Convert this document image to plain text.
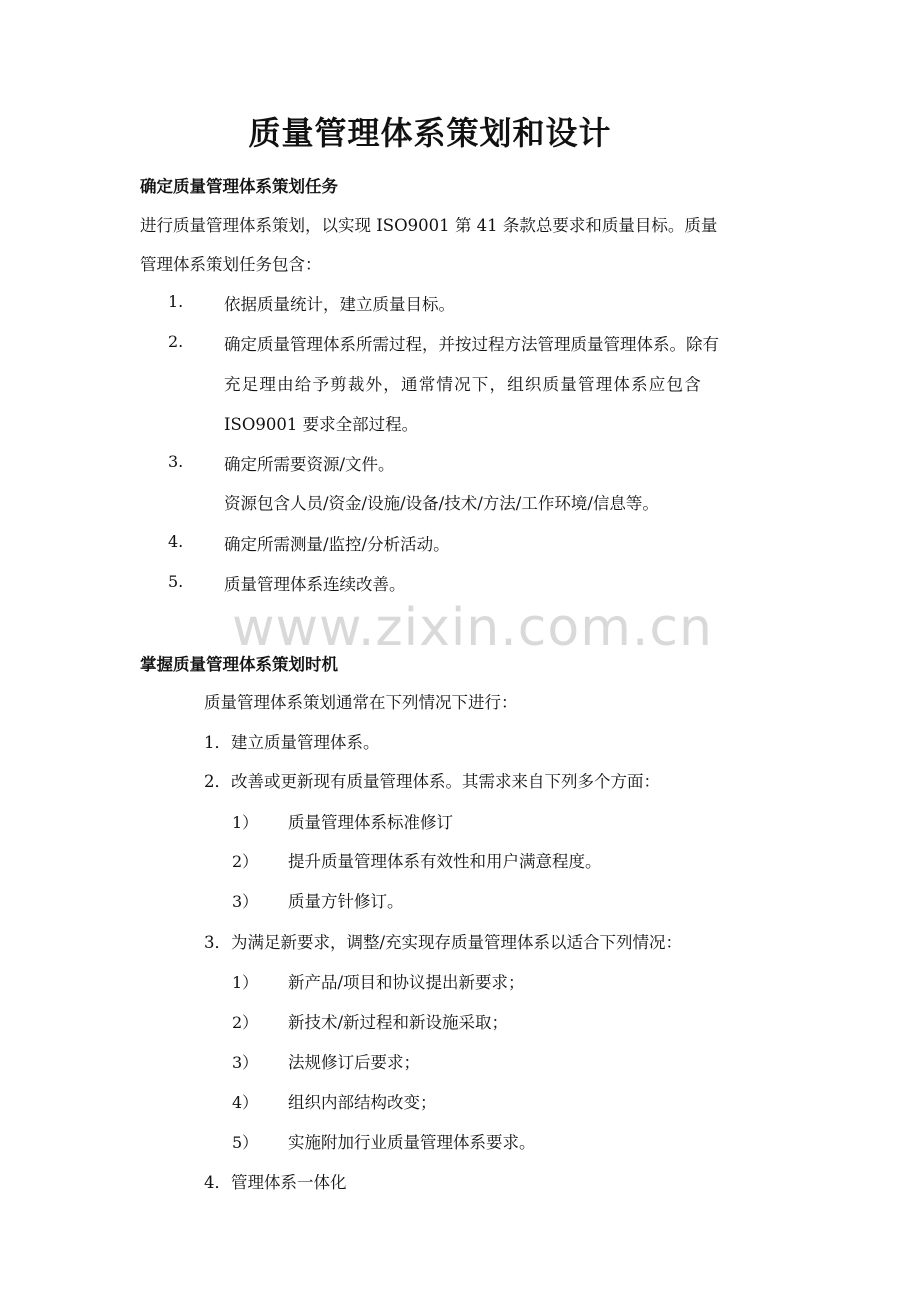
质量管理体系策划和设计
确定质量管理体系策划任务
进行质量管理体系策划，以实现 ISO9001 第 41 条款总要求和质量目标。质量
管理体系策划任务包含：
1. 依据质量统计，建立质量目标。
2. 确定质量管理体系所需过程，并按过程方法管理质量管理体系。除有
充足理由给予剪裁外，通常情况下，组织质量管理体系应包含
ISO9001 要求全部过程。
3. 确定所需要资源/文件。
资源包含人员/资金/设施/设备/技术/方法/工作环境/信息等。
4. 确定所需测量/监控/分析活动。
5. 质量管理体系连续改善。
www.zixin.com.cn
掌握质量管理体系策划时机
质量管理体系策划通常在下列情况下进行：
1．建立质量管理体系。
2．改善或更新现有质量管理体系。其需求来自下列多个方面：
1） 质量管理体系标准修订
2） 提升质量管理体系有效性和用户满意程度。
3） 质量方针修订。
3．为满足新要求，调整/充实现存质量管理体系以适合下列情况：
1） 新产品/项目和协议提出新要求；
2） 新技术/新过程和新设施采取；
3） 法规修订后要求；
4） 组织内部结构改变；
5） 实施附加行业质量管理体系要求。
4．管理体系一体化
